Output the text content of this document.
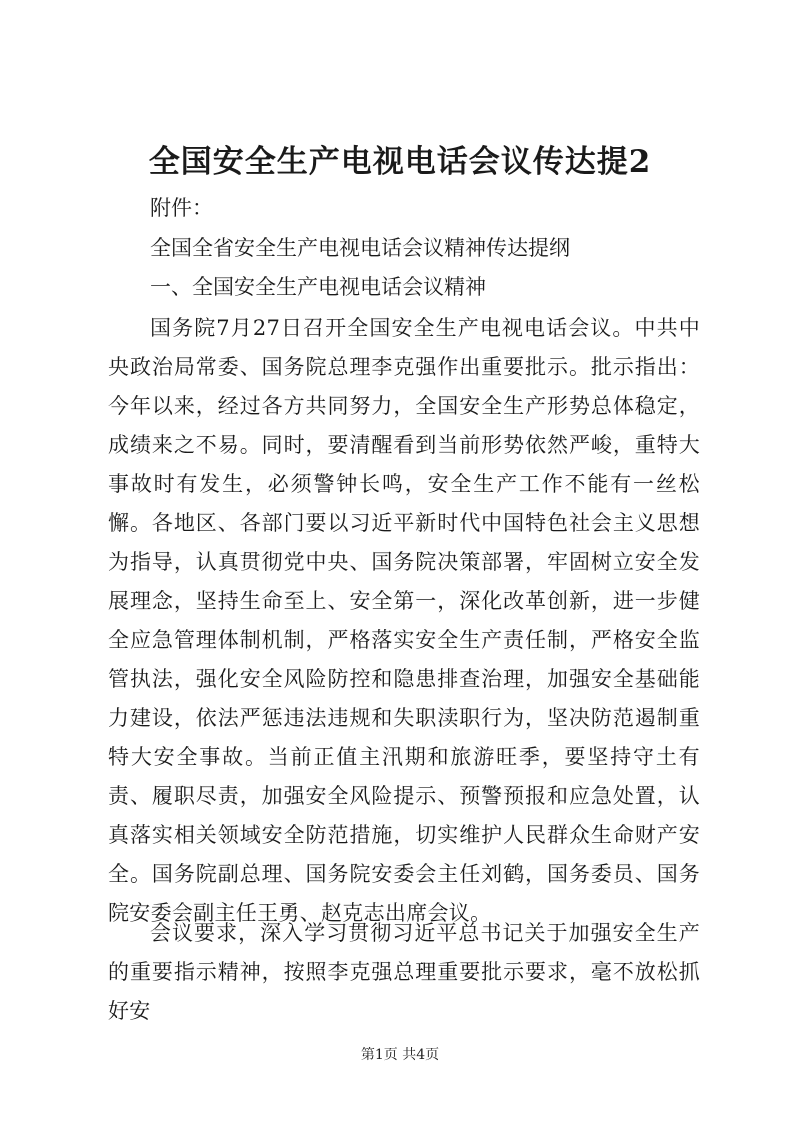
全国安全生产电视电话会议传达提2
附件：
全国全省安全生产电视电话会议精神传达提纲
一、全国安全生产电视电话会议精神
国务院7月27日召开全国安全生产电视电话会议。中共中央政治局常委、国务院总理李克强作出重要批示。批示指出：今年以来，经过各方共同努力，全国安全生产形势总体稳定，成绩来之不易。同时，要清醒看到当前形势依然严峻，重特大事故时有发生，必须警钟长鸣，安全生产工作不能有一丝松懈。各地区、各部门要以习近平新时代中国特色社会主义思想为指导，认真贯彻党中央、国务院决策部署，牢固树立安全发展理念，坚持生命至上、安全第一，深化改革创新，进一步健全应急管理体制机制，严格落实安全生产责任制，严格安全监管执法，强化安全风险防控和隐患排查治理，加强安全基础能力建设，依法严惩违法违规和失职渎职行为，坚决防范遏制重特大安全事故。当前正值主汛期和旅游旺季，要坚持守土有责、履职尽责，加强安全风险提示、预警预报和应急处置，认真落实相关领域安全防范措施，切实维护人民群众生命财产安全。国务院副总理、国务院安委会主任刘鹤，国务委员、国务院安委会副主任王勇、赵克志出席会议。
会议要求，深入学习贯彻习近平总书记关于加强安全生产的重要指示精神，按照李克强总理重要批示要求，毫不放松抓好安
第1页 共4页
